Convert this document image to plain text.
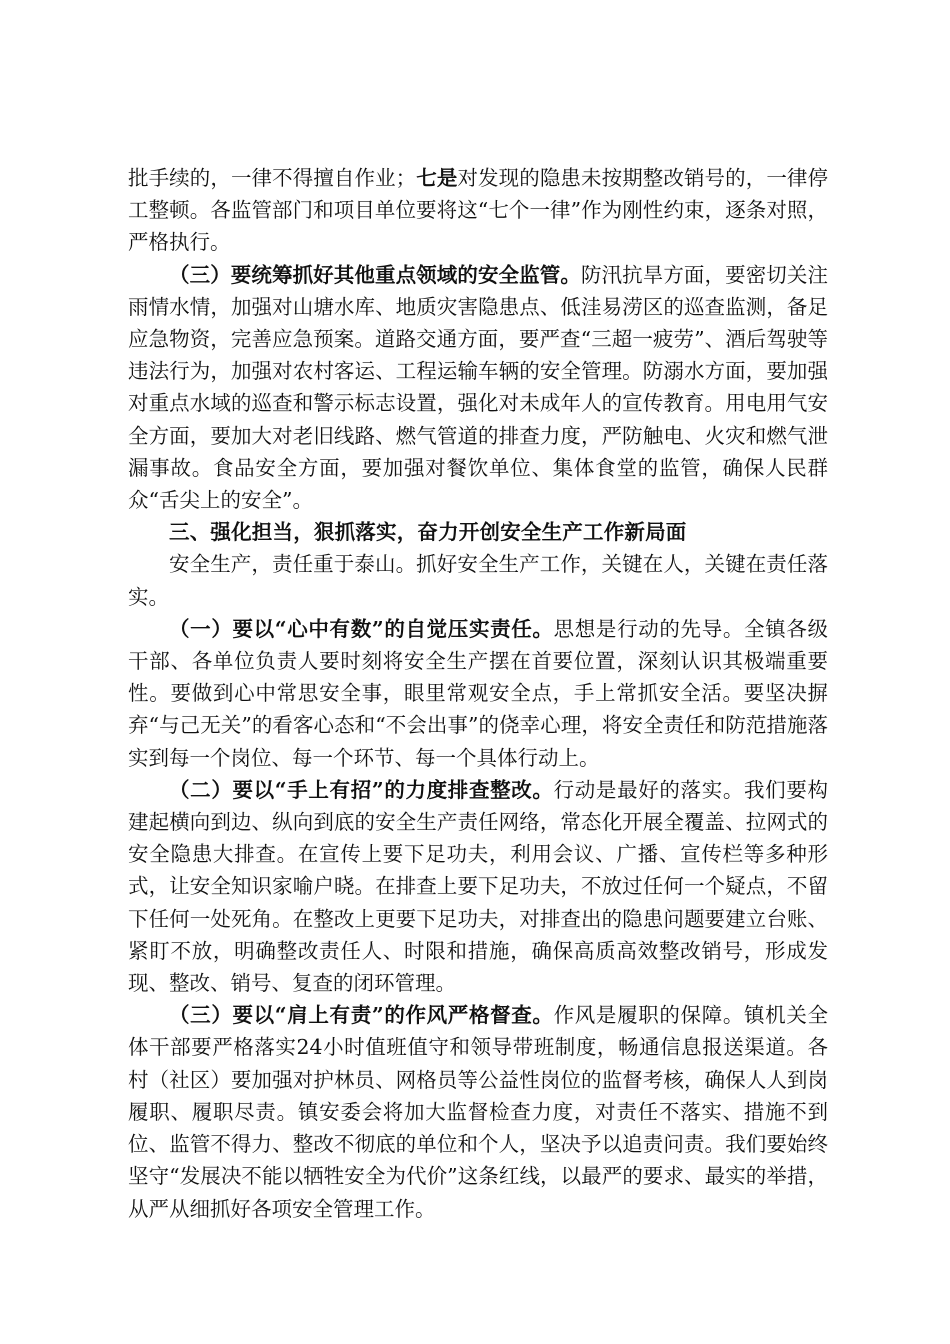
批手续的，一律不得擅自作业；七是对发现的隐患未按期整改销号的，一律停工整顿。各监管部门和项目单位要将这“七个一律”作为刚性约束，逐条对照，严格执行。

（三）要统筹抓好其他重点领域的安全监管。防汛抗旱方面，要密切关注雨情水情，加强对山塘水库、地质灾害隐患点、低洼易涝区的巡查监测，备足应急物资，完善应急预案。道路交通方面，要严查“三超一疲劳”、酒后驾驶等违法行为，加强对农村客运、工程运输车辆的安全管理。防溺水方面，要加强对重点水域的巡查和警示标志设置，强化对未成年人的宣传教育。用电用气安全方面，要加大对老旧线路、燃气管道的排查力度，严防触电、火灾和燃气泄漏事故。食品安全方面，要加强对餐饮单位、集体食堂的监管，确保人民群众“舌尖上的安全”。

三、强化担当，狠抓落实，奋力开创安全生产工作新局面

安全生产，责任重于泰山。抓好安全生产工作，关键在人，关键在责任落实。

（一）要以“心中有数”的自觉压实责任。思想是行动的先导。全镇各级干部、各单位负责人要时刻将安全生产摆在首要位置，深刻认识其极端重要性。要做到心中常思安全事，眼里常观安全点，手上常抓安全活。要坚决摒弃“与己无关”的看客心态和“不会出事”的侥幸心理，将安全责任和防范措施落实到每一个岗位、每一个环节、每一个具体行动上。

（二）要以“手上有招”的力度排查整改。行动是最好的落实。我们要构建起横向到边、纵向到底的安全生产责任网络，常态化开展全覆盖、拉网式的安全隐患大排查。在宣传上要下足功夫，利用会议、广播、宣传栏等多种形式，让安全知识家喻户晓。在排查上要下足功夫，不放过任何一个疑点，不留下任何一处死角。在整改上更要下足功夫，对排查出的隐患问题要建立台账、紧盯不放，明确整改责任人、时限和措施，确保高质高效整改销号，形成发现、整改、销号、复查的闭环管理。

（三）要以“肩上有责”的作风严格督查。作风是履职的保障。镇机关全体干部要严格落实24小时值班值守和领导带班制度，畅通信息报送渠道。各村（社区）要加强对护林员、网格员等公益性岗位的监督考核，确保人人到岗履职、履职尽责。镇安委会将加大监督检查力度，对责任不落实、措施不到位、监管不得力、整改不彻底的单位和个人，坚决予以追责问责。我们要始终坚守“发展决不能以牺牲安全为代价”这条红线，以最严的要求、最实的举措，从严从细抓好各项安全管理工作。
